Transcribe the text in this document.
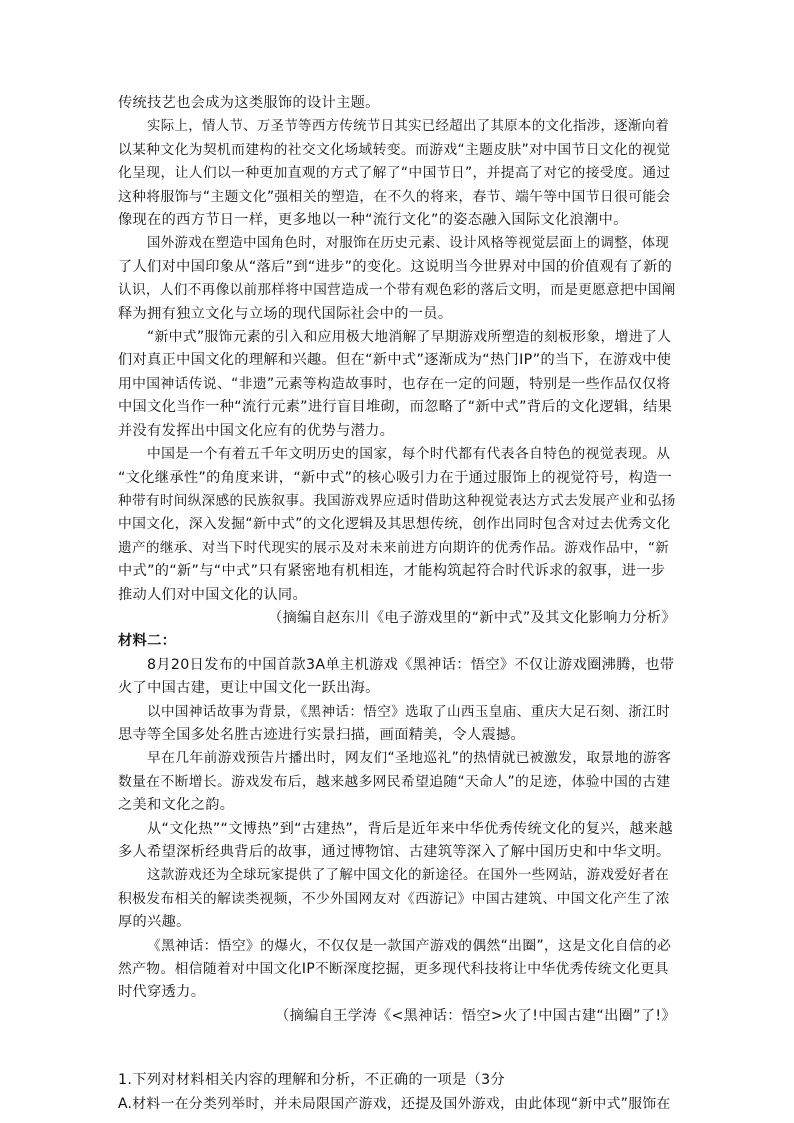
传统技艺也会成为这类服饰的设计主题。
实际上，情人节、万圣节等西方传统节日其实已经超出了其原本的文化指涉，逐渐向着
以某种文化为契机而建构的社交文化场域转变。而游戏“主题皮肤”对中国节日文化的视觉
化呈现，让人们以一种更加直观的方式了解了“中国节日”，并提高了对它的接受度。通过
这种将服饰与“主题文化”强相关的塑造，在不久的将来，春节、端午等中国节日很可能会
像现在的西方节日一样，更多地以一种“流行文化”的姿态融入国际文化浪潮中。
国外游戏在塑造中国角色时，对服饰在历史元素、设计风格等视觉层面上的调整，体现
了人们对中国印象从“落后”到“进步”的变化。这说明当今世界对中国的价值观有了新的
认识，人们不再像以前那样将中国营造成一个带有观色彩的落后文明，而是更愿意把中国阐
释为拥有独立文化与立场的现代国际社会中的一员。
“新中式”服饰元素的引入和应用极大地消解了早期游戏所塑造的刻板形象，增进了人
们对真正中国文化的理解和兴趣。但在“新中式”逐渐成为“热门IP”的当下，在游戏中使
用中国神话传说、“非遗”元素等构造故事时，也存在一定的问题，特别是一些作品仅仅将
中国文化当作一种“流行元素”进行盲目堆砌，而忽略了“新中式”背后的文化逻辑，结果
并没有发挥出中国文化应有的优势与潜力。
中国是一个有着五千年文明历史的国家，每个时代都有代表各自特色的视觉表现。从
“文化继承性”的角度来讲，“新中式”的核心吸引力在于通过服饰上的视觉符号，构造一
种带有时间纵深感的民族叙事。我国游戏界应适时借助这种视觉表达方式去发展产业和弘扬
中国文化，深入发掘“新中式”的文化逻辑及其思想传统，创作出同时包含对过去优秀文化
遗产的继承、对当下时代现实的展示及对未来前进方向期许的优秀作品。游戏作品中，“新
中式”的“新”与“中式”只有紧密地有机相连，才能构筑起符合时代诉求的叙事，进一步
推动人们对中国文化的认同。
（摘编自赵东川《电子游戏里的“新中式”及其文化影响力分析》
材料二：
8月20日发布的中国首款3A单主机游戏《黑神话：悟空》不仅让游戏圈沸腾，也带
火了中国古建，更让中国文化一跃出海。
以中国神话故事为背景，《黑神话：悟空》选取了山西玉皇庙、重庆大足石刻、浙江时
思寺等全国多处名胜古迹进行实景扫描，画面精美，令人震撼。
早在几年前游戏预告片播出时，网友们“圣地巡礼”的热情就已被激发，取景地的游客
数量在不断增长。游戏发布后，越来越多网民希望追随“天命人”的足迹，体验中国的古建
之美和文化之韵。
从“文化热”“文博热”到“古建热”，背后是近年来中华优秀传统文化的复兴，越来越
多人希望深析经典背后的故事，通过博物馆、古建筑等深入了解中国历史和中华文明。
这款游戏还为全球玩家提供了了解中国文化的新途径。在国外一些网站，游戏爱好者在
积极发布相关的解读类视频，不少外国网友对《西游记》中国古建筑、中国文化产生了浓
厚的兴趣。
《黑神话：悟空》的爆火，不仅仅是一款国产游戏的偶然“出圈”，这是文化自信的必
然产物。相信随着对中国文化IP不断深度挖掘，更多现代科技将让中华优秀传统文化更具
时代穿透力。
（摘编自王学涛《<黑神话：悟空>火了!中国古建“出圈”了!》
1.下列对材料相关内容的理解和分析，不正确的一项是（3分
A.材料一在分类列举时，并未局限国产游戏，还提及国外游戏，由此体现“新中式”服饰在
